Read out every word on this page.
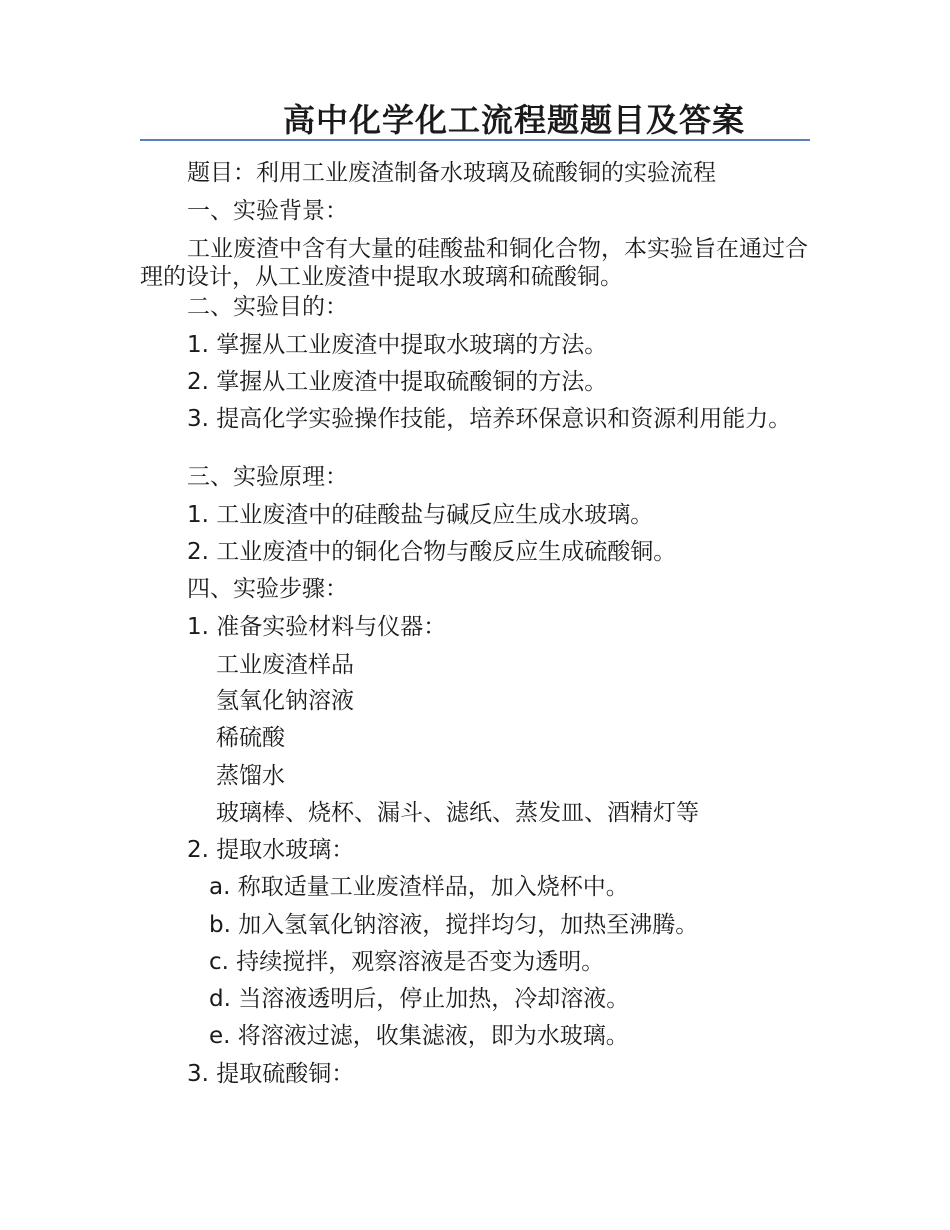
高中化学化工流程题题目及答案
题目：利用工业废渣制备水玻璃及硫酸铜的实验流程
一、实验背景：
工业废渣中含有大量的硅酸盐和铜化合物，本实验旨在通过合理的设计，从工业废渣中提取水玻璃和硫酸铜。
二、实验目的：
1. 掌握从工业废渣中提取水玻璃的方法。
2. 掌握从工业废渣中提取硫酸铜的方法。
3. 提高化学实验操作技能，培养环保意识和资源利用能力。
三、实验原理：
1. 工业废渣中的硅酸盐与碱反应生成水玻璃。
2. 工业废渣中的铜化合物与酸反应生成硫酸铜。
四、实验步骤：
1. 准备实验材料与仪器：
工业废渣样品
氢氧化钠溶液
稀硫酸
蒸馏水
玻璃棒、烧杯、漏斗、滤纸、蒸发皿、酒精灯等
2. 提取水玻璃：
a. 称取适量工业废渣样品，加入烧杯中。
b. 加入氢氧化钠溶液，搅拌均匀，加热至沸腾。
c. 持续搅拌，观察溶液是否变为透明。
d. 当溶液透明后，停止加热，冷却溶液。
e. 将溶液过滤，收集滤液，即为水玻璃。
3. 提取硫酸铜：
